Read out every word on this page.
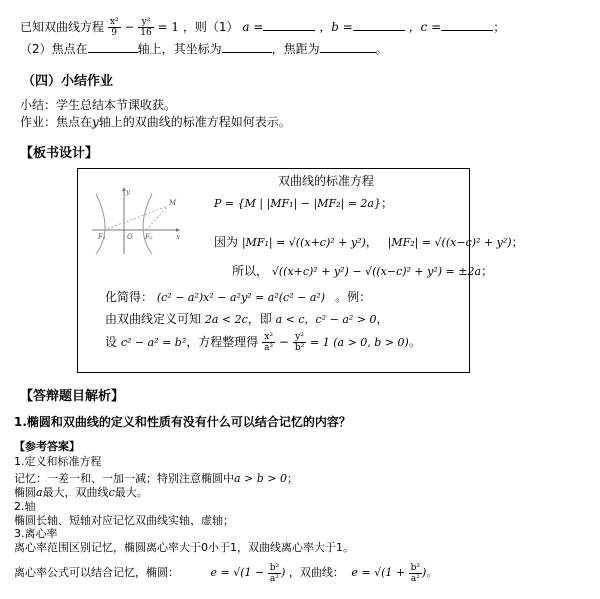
已知双曲线方程 $\frac{\text{x²}}{9} - \frac{\text{y²}}{16} = 1$ ，则（1） a =	，b =	，c =	；
（2）焦点在	轴上，其坐标为	，焦距为	。
（四）小结作业
小结：学生总结本节课收获。
作业：焦点在y轴上的双曲线的标准方程如何表示。
【板书设计】
y
x
O
M
F₁	F₂
双曲线的标准方程
P = {M | |MF₁| − |MF₂| = 2a}；
因为 |MF₁| = √((x+c)² + y²)， |MF₂| = √((x−c)² + y²)；
所以， √((x+c)² + y²) − √((x−c)² + y²) = ±2a；
化简得： (c² − a²)x² − a²y² = a²(c² − a²) 。例：
由双曲线定义可知 2a < 2c，即 a < c，c² − a² > 0，
设 c² − a² = b²，方程整理得 $\frac{\text{x²}}{\text{a²}} - \frac{\text{y²}}{\text{b²}} = 1$ (a > 0, b > 0)。
【答辩题目解析】
1.椭圆和双曲线的定义和性质有没有什么可以结合记忆的内容？
【参考答案】
1.定义和标准方程
记忆：一差一和、一加一减；特别注意椭圆中a > b > 0；
椭圆a最大，双曲线c最大。
2.轴
椭圆长轴、短轴对应记忆双曲线实轴、虚轴；
3.离心率
离心率范围区别记忆，椭圆离心率大于0小于1，双曲线离心率大于1。
离心率公式可以结合记忆，椭圆：	$e = √(1 - \frac{\text{b²}}{\text{a²}}$ ) ，双曲线： $e = √(1 + \frac{\text{b²}}{\text{a²}}$ )。
